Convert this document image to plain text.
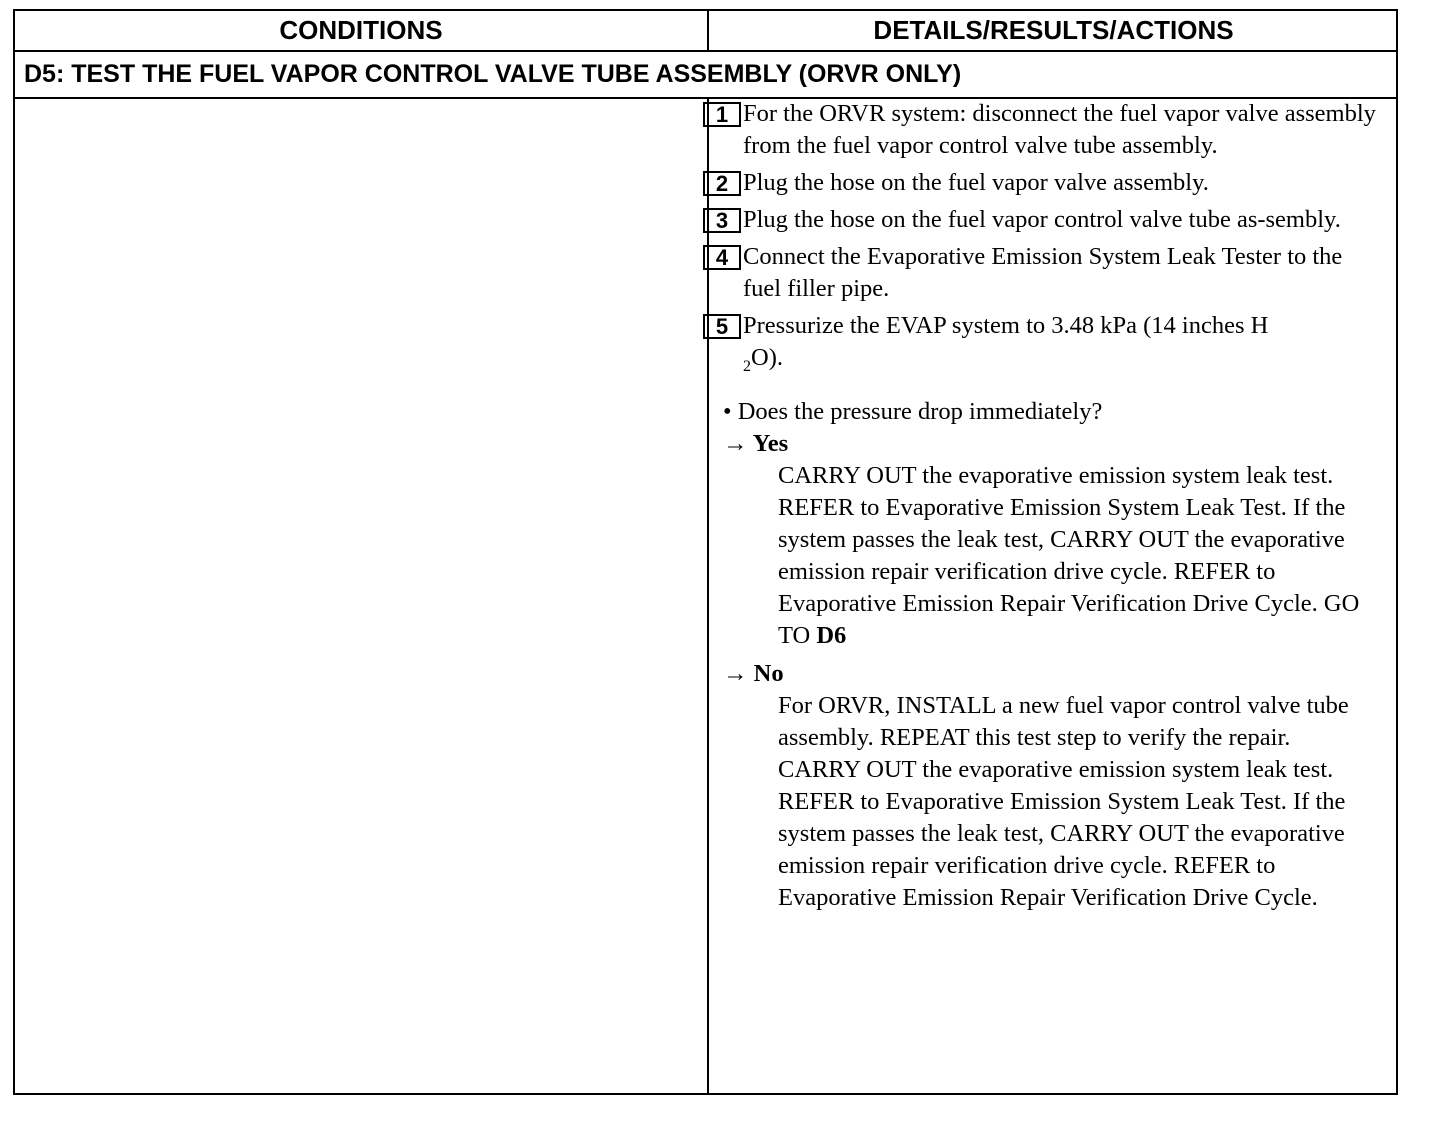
CONDITIONS	DETAILS/RESULTS/ACTIONS
D5: TEST THE FUEL VAPOR CONTROL VALVE TUBE ASSEMBLY (ORVR ONLY)
1 For the ORVR system: disconnect the fuel vapor valve assembly from the fuel vapor control valve tube assembly.
2 Plug the hose on the fuel vapor valve assembly.
3 Plug the hose on the fuel vapor control valve tube as-sembly.
4 Connect the Evaporative Emission System Leak Tester to the fuel filler pipe.
5 Pressurize the EVAP system to 3.48 kPa (14 inches H
$_2$O).
• Does the pressure drop immediately?
→ Yes
CARRY OUT the evaporative emission system leak test. REFER to Evaporative Emission System Leak Test. If the system passes the leak test, CARRY OUT the evaporative emission repair verification drive cycle. REFER to Evaporative Emission Repair Verification Drive Cycle. GO TO D6
→ No
For ORVR, INSTALL a new fuel vapor control valve tube assembly. REPEAT this test step to verify the repair. CARRY OUT the evaporative emission system leak test. REFER to Evaporative Emission System Leak Test. If the system passes the leak test, CARRY OUT the evaporative emission repair verification drive cycle. REFER to Evaporative Emission Repair Verification Drive Cycle.
